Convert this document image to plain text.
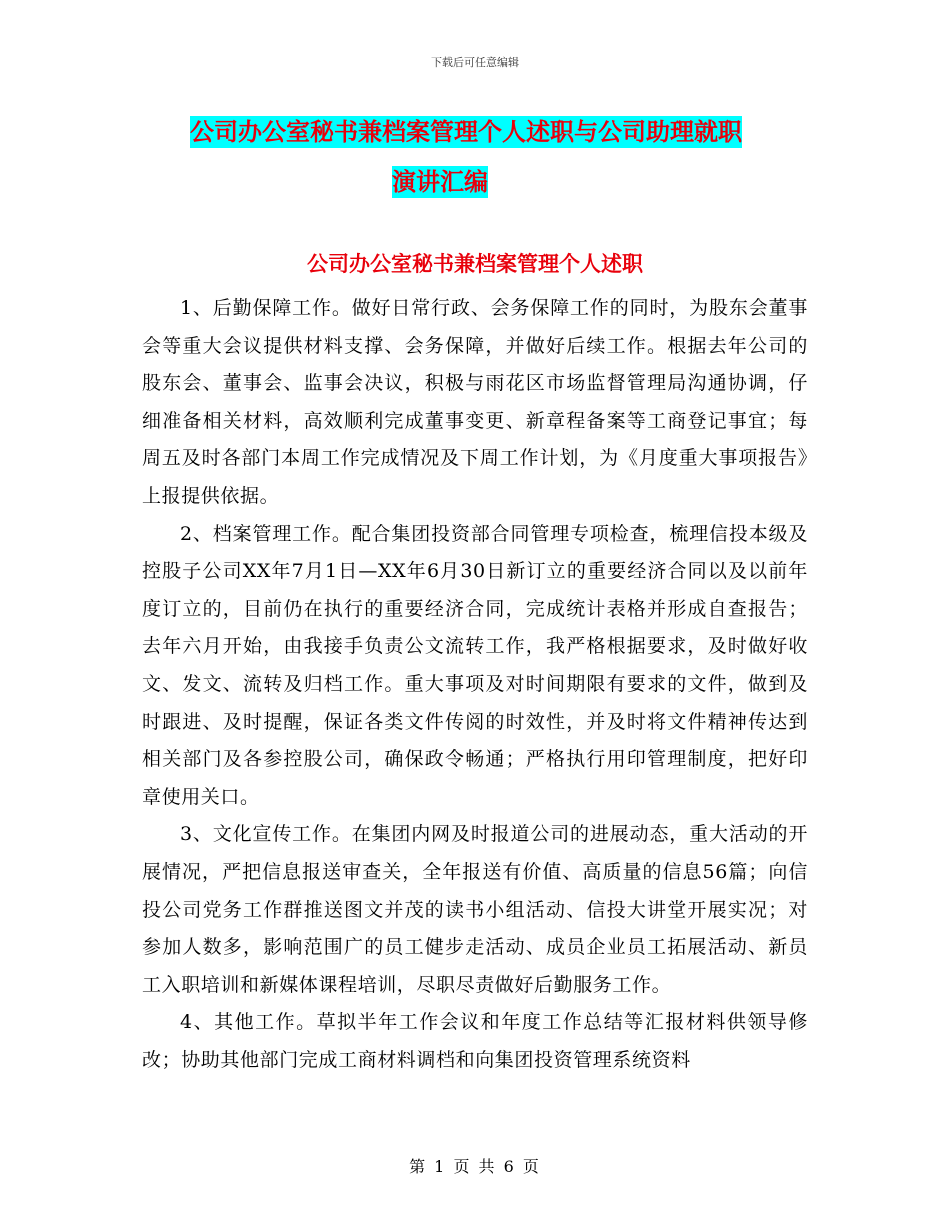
下载后可任意编辑
公司办公室秘书兼档案管理个人述职与公司助理就职
演讲汇编
公司办公室秘书兼档案管理个人述职

1、后勤保障工作。做好日常行政、会务保障工作的同时，为股东会董事会等重大会议提供材料支撑、会务保障，并做好后续工作。根据去年公司的股东会、董事会、监事会决议，积极与雨花区市场监督管理局沟通协调，仔细准备相关材料，高效顺利完成董事变更、新章程备案等工商登记事宜；每周五及时各部门本周工作完成情况及下周工作计划，为《月度重大事项报告》上报提供依据。

2、档案管理工作。配合集团投资部合同管理专项检查，梳理信投本级及控股子公司XX年7月1日—XX年6月30日新订立的重要经济合同以及以前年度订立的，目前仍在执行的重要经济合同，完成统计表格并形成自查报告；去年六月开始，由我接手负责公文流转工作，我严格根据要求，及时做好收文、发文、流转及归档工作。重大事项及对时间期限有要求的文件，做到及时跟进、及时提醒，保证各类文件传阅的时效性，并及时将文件精神传达到相关部门及各参控股公司，确保政令畅通；严格执行用印管理制度，把好印章使用关口。

3、文化宣传工作。在集团内网及时报道公司的进展动态，重大活动的开展情况，严把信息报送审查关，全年报送有价值、高质量的信息56篇；向信投公司党务工作群推送图文并茂的读书小组活动、信投大讲堂开展实况；对参加人数多，影响范围广的员工健步走活动、成员企业员工拓展活动、新员工入职培训和新媒体课程培训，尽职尽责做好后勤服务工作。

4、其他工作。草拟半年工作会议和年度工作总结等汇报材料供领导修改；协助其他部门完成工商材料调档和向集团投资管理系统资料

第 1 页 共 6 页
